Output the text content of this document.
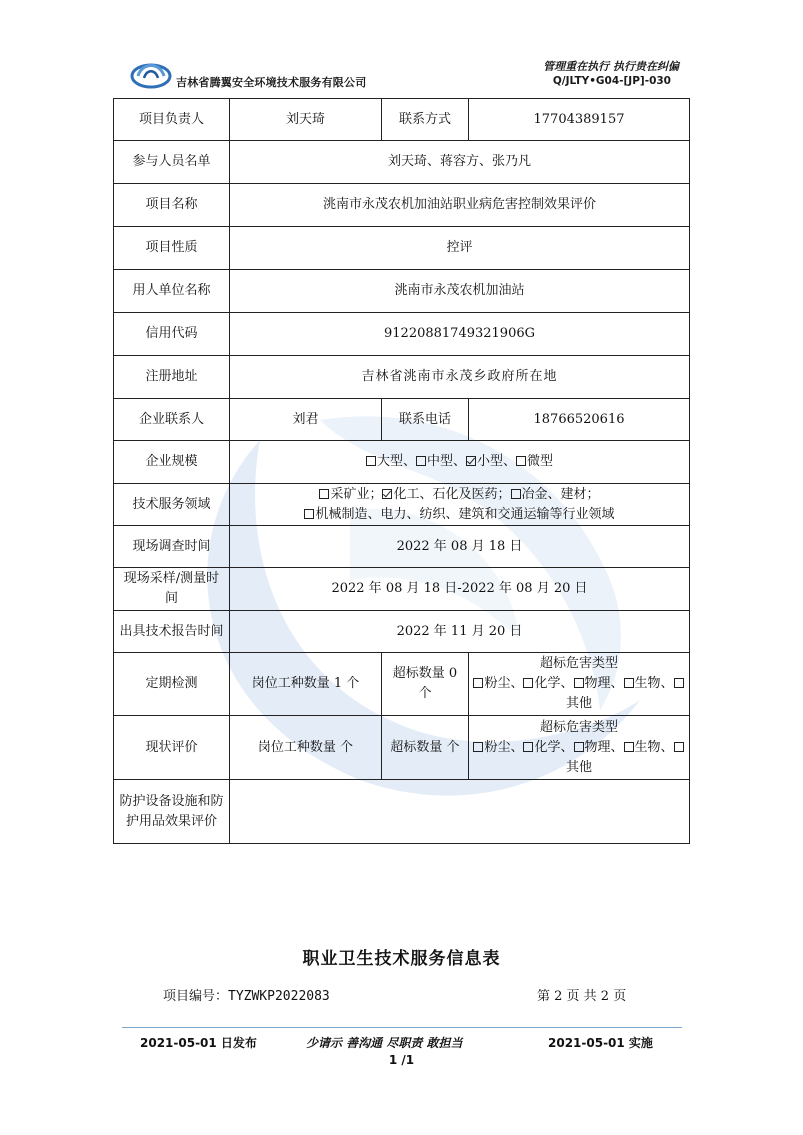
吉林省腾翼安全环境技术服务有限公司
管理重在执行 执行贵在纠偏
Q/JLTY•G04-[JP]-030
项目负责人	刘天琦	联系方式	17704389157
参与人员名单	刘天琦、蒋容方、张乃凡		
项目名称	洮南市永茂农机加油站职业病危害控制效果评价		
项目性质	控评		
用人单位名称	洮南市永茂农机加油站		
信用代码	91220881749321906G		
注册地址	吉林省洮南市永茂乡政府所在地		
企业联系人	刘君	联系电话	18766520616
企业规模	大型、 中型、 小型、 微型		
技术服务领域	采矿业； 化工、石化及医药； 冶金、建材；
机械制造、电力、纺织、建筑和交通运输等行业领域		
现场调查时间	2022 年 08 月 18 日		
现场采样/测量时间	2022 年 08 月 18 日-2022 年 08 月 20 日		
出具技术报告时间	2022 年 11 月 20 日		
定期检测	岗位工种数量 1 个	超标数量 0 个	超标危害类型
粉尘、 化学、 物理、 生物、其他
现状评价	岗位工种数量 个	超标数量 个	超标危害类型
粉尘、 化学、 物理、 生物、其他
防护设备设施和防护用品效果评价			
职业卫生技术服务信息表
项目编号：TYZWKP2022083	第 2 页 共 2 页
2021-05-01 日发布	少请示 善沟通 尽职责 敢担当	2021-05-01 实施
1 /1
